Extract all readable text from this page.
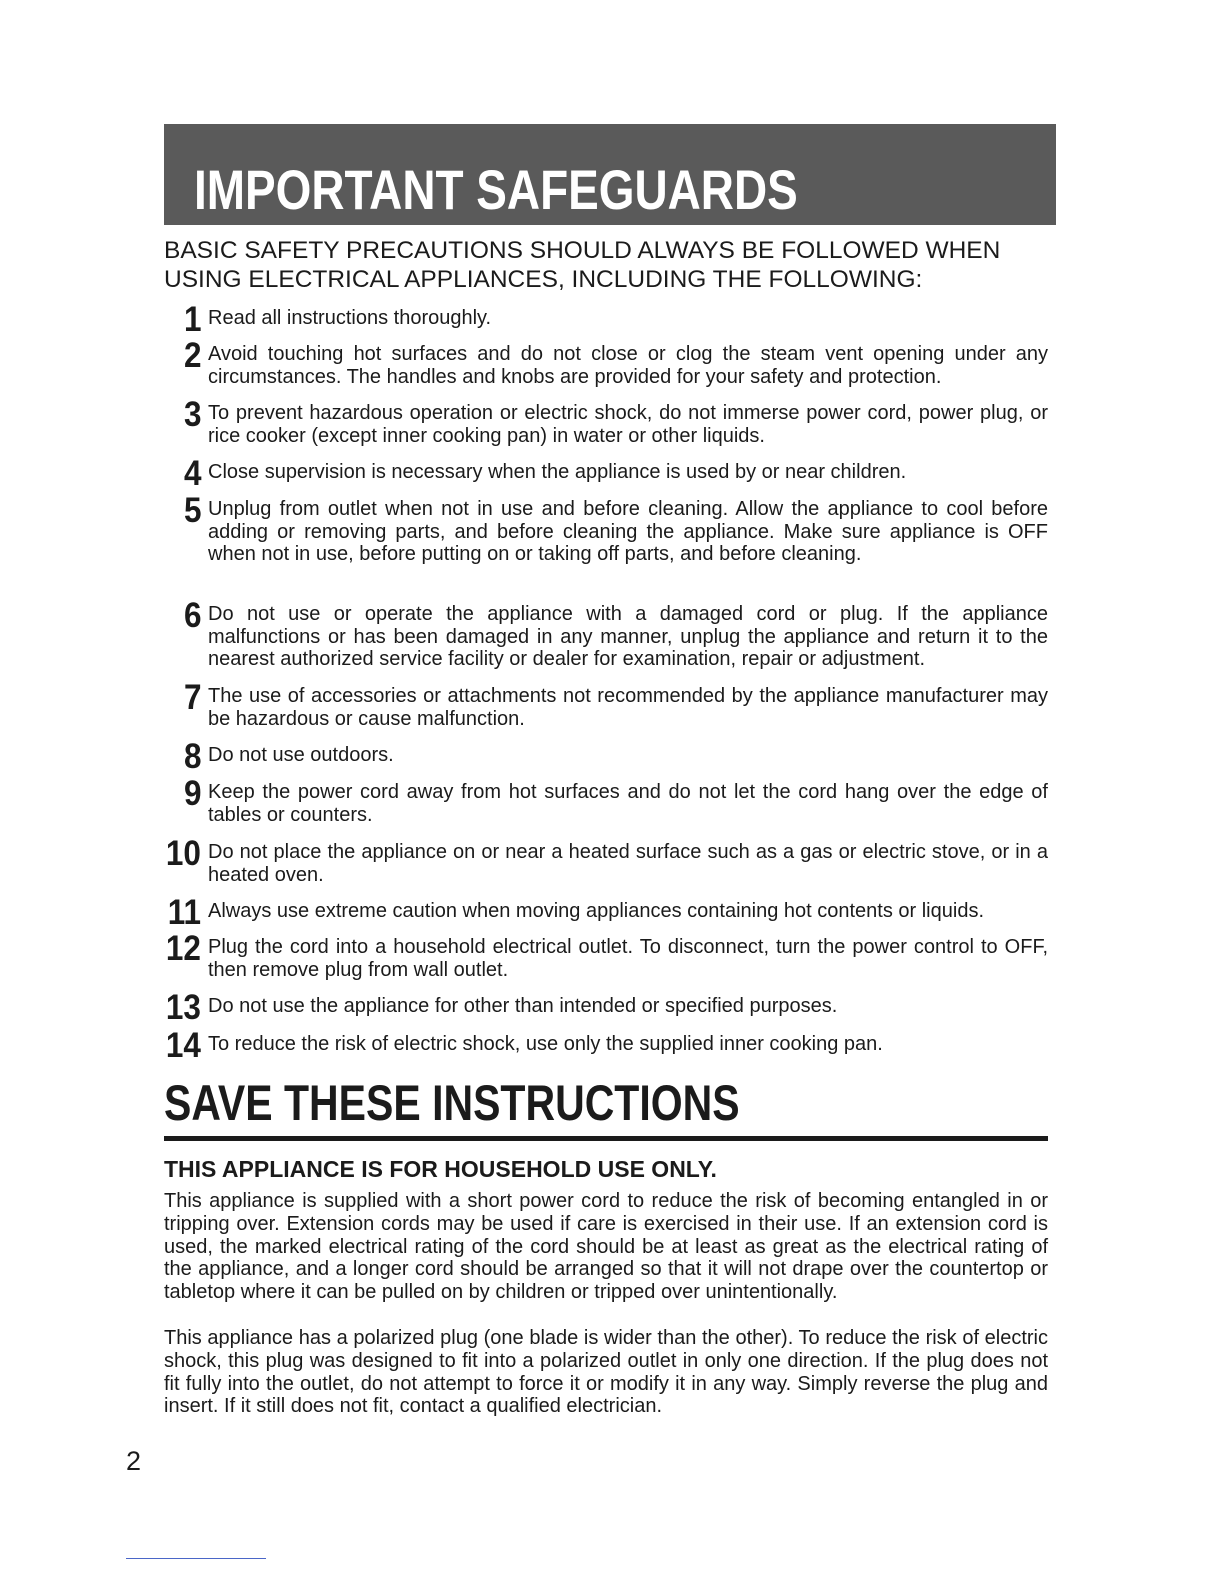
IMPORTANT SAFEGUARDS
BASIC SAFETY PRECAUTIONS SHOULD ALWAYS BE FOLLOWED WHEN
USING ELECTRICAL APPLIANCES, INCLUDING THE FOLLOWING:
1 Read all instructions thoroughly.

2 Avoid touching hot surfaces and do not close or clog the steam vent opening under any circumstances. The handles and knobs are provided for your safety and protection.

3 To prevent hazardous operation or electric shock, do not immerse power cord, power plug, or rice cooker (except inner cooking pan) in water or other liquids.

4 Close supervision is necessary when the appliance is used by or near children.

5 Unplug from outlet when not in use and before cleaning. Allow the appliance to cool before adding or removing parts, and before cleaning the appliance. Make sure appliance is OFF when not in use, before putting on or taking off parts, and before cleaning.

6 Do not use or operate the appliance with a damaged cord or plug. If the appliance malfunctions or has been damaged in any manner, unplug the appliance and return it to the nearest authorized service facility or dealer for examination, repair or adjustment.

7 The use of accessories or attachments not recommended by the appliance manufacturer may be hazardous or cause malfunction.

8 Do not use outdoors.

9 Keep the power cord away from hot surfaces and do not let the cord hang over the edge of tables or counters.

10 Do not place the appliance on or near a heated surface such as a gas or electric stove, or in a heated oven.

11 Always use extreme caution when moving appliances containing hot contents or liquids.

12 Plug the cord into a household electrical outlet. To disconnect, turn the power control to OFF, then remove plug from wall outlet.

13 Do not use the appliance for other than intended or specified purposes.

14 To reduce the risk of electric shock, use only the supplied inner cooking pan.

SAVE THESE INSTRUCTIONS
THIS APPLIANCE IS FOR HOUSEHOLD USE ONLY.

This appliance is supplied with a short power cord to reduce the risk of becoming entangled in or tripping over. Extension cords may be used if care is exercised in their use. If an extension cord is used, the marked electrical rating of the cord should be at least as great as the electrical rating of the appliance, and a longer cord should be arranged so that it will not drape over the countertop or tabletop where it can be pulled on by children or tripped over unintentionally.

This appliance has a polarized plug (one blade is wider than the other). To reduce the risk of electric shock, this plug was designed to fit into a polarized outlet in only one direction. If the plug does not fit fully into the outlet, do not attempt to force it or modify it in any way. Simply reverse the plug and insert. If it still does not fit, contact a qualified electrician.

2
